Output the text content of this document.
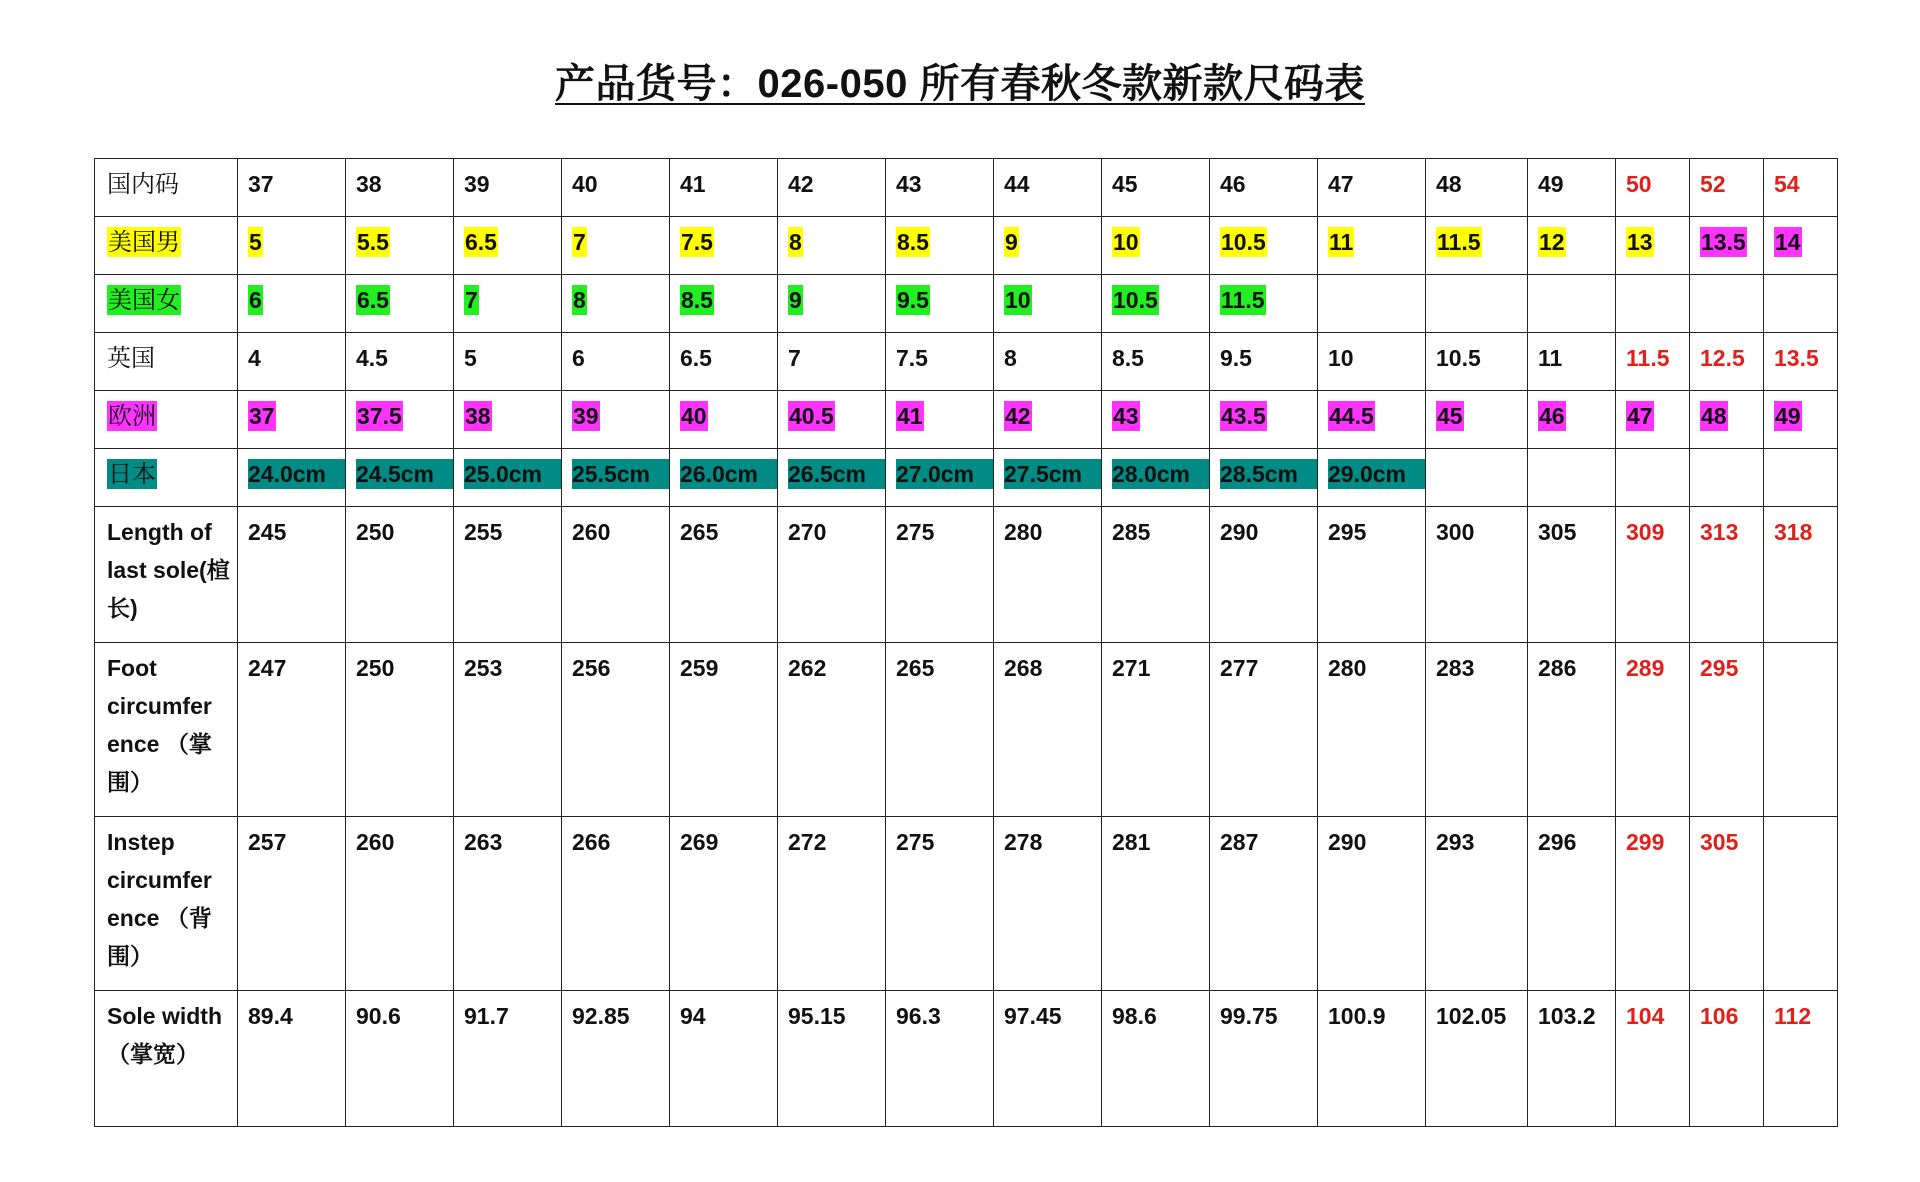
产品货号：026-050 所有春秋冬款新款尺码表
国内码	37	38	39	40	41	42	43	44	45	46	47	48	49	50	52	54
美国男	5	5.5	6.5	7	7.5	8	8.5	9	10	10.5	11	11.5	12	13	13.5	14
美国女	6	6.5	7	8	8.5	9	9.5	10	10.5	11.5						
英国	4	4.5	5	6	6.5	7	7.5	8	8.5	9.5	10	10.5	11	11.5	12.5	13.5
欧洲	37	37.5	38	39	40	40.5	41	42	43	43.5	44.5	45	46	47	48	49
日本	24.0cm	24.5cm	25.0cm	25.5cm	26.0cm	26.5cm	27.0cm	27.5cm	28.0cm	28.5cm	29.0cm					

Length of last sole(楦长)	245	250	255	260	265	270	275	280	285	290	295	300	305	309	313	318
Foot circumfer ence （掌围）	247	250	253	256	259	262	265	268	271	277	280	283	286	289	295	
Instep circumfer ence （背围）	257	260	263	266	269	272	275	278	281	287	290	293	296	299	305	
Sole width （掌宽）	89.4	90.6	91.7	92.85	94	95.15	96.3	97.45	98.6	99.75	100.9	102.05	103.2	104	106	112
